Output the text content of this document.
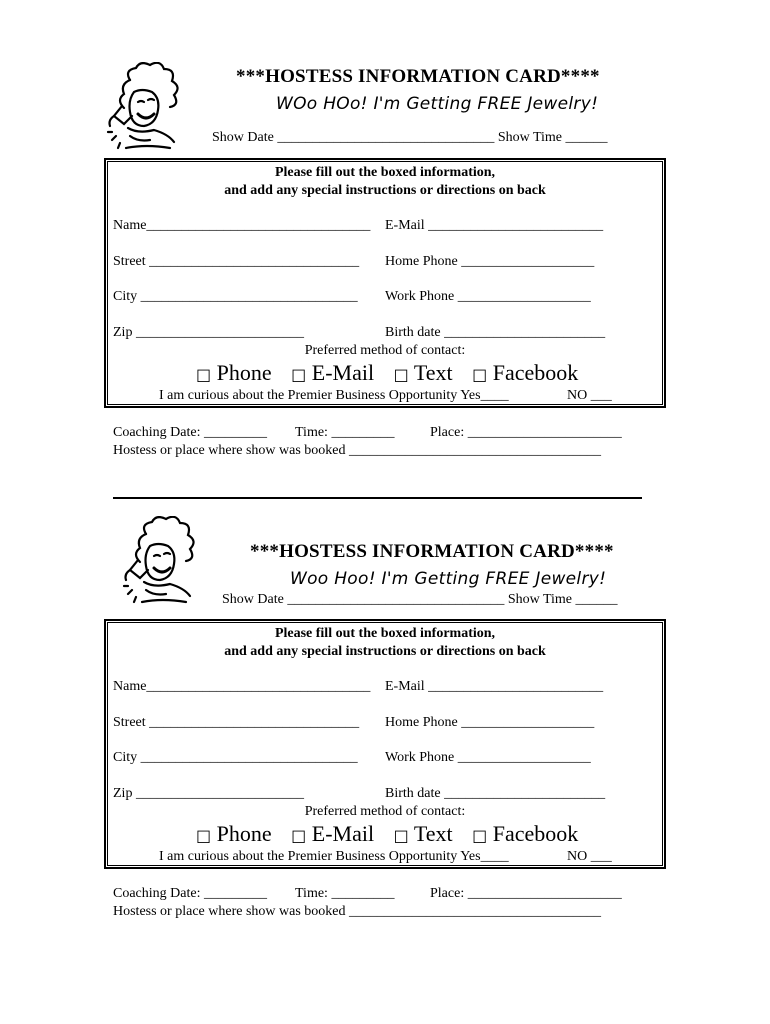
***HOSTESS INFORMATION CARD****
WOo HOo! I'm Getting FREE Jewelry!
Show Date _______________________________ Show Time ______
Please fill out the boxed information,
and add any special instructions or directions on back
Name________________________________ E-Mail _________________________
Street ______________________________ Home Phone ___________________
City _______________________________ Work Phone ___________________
Zip ________________________	Birth date _______________________
Preferred method of contact:
□ Phone □ E-Mail □ Text □ Facebook
I am curious about the Premier Business Opportunity Yes____	NO ___
Coaching Date: _________ Time: _________	Place: ______________________
Hostess or place where show was booked ____________________________________
***HOSTESS INFORMATION CARD****
Woo Hoo! I'm Getting FREE Jewelry!
Show Date _______________________________ Show Time ______
Please fill out the boxed information,
and add any special instructions or directions on back
Name________________________________ E-Mail _________________________
Street ______________________________ Home Phone ___________________
City _______________________________ Work Phone ___________________
Zip ________________________	Birth date _______________________
Preferred method of contact:
□ Phone □ E-Mail □ Text □ Facebook
I am curious about the Premier Business Opportunity Yes____	NO ___
Coaching Date: _________ Time: _________	Place: ______________________
Hostess or place where show was booked ____________________________________
